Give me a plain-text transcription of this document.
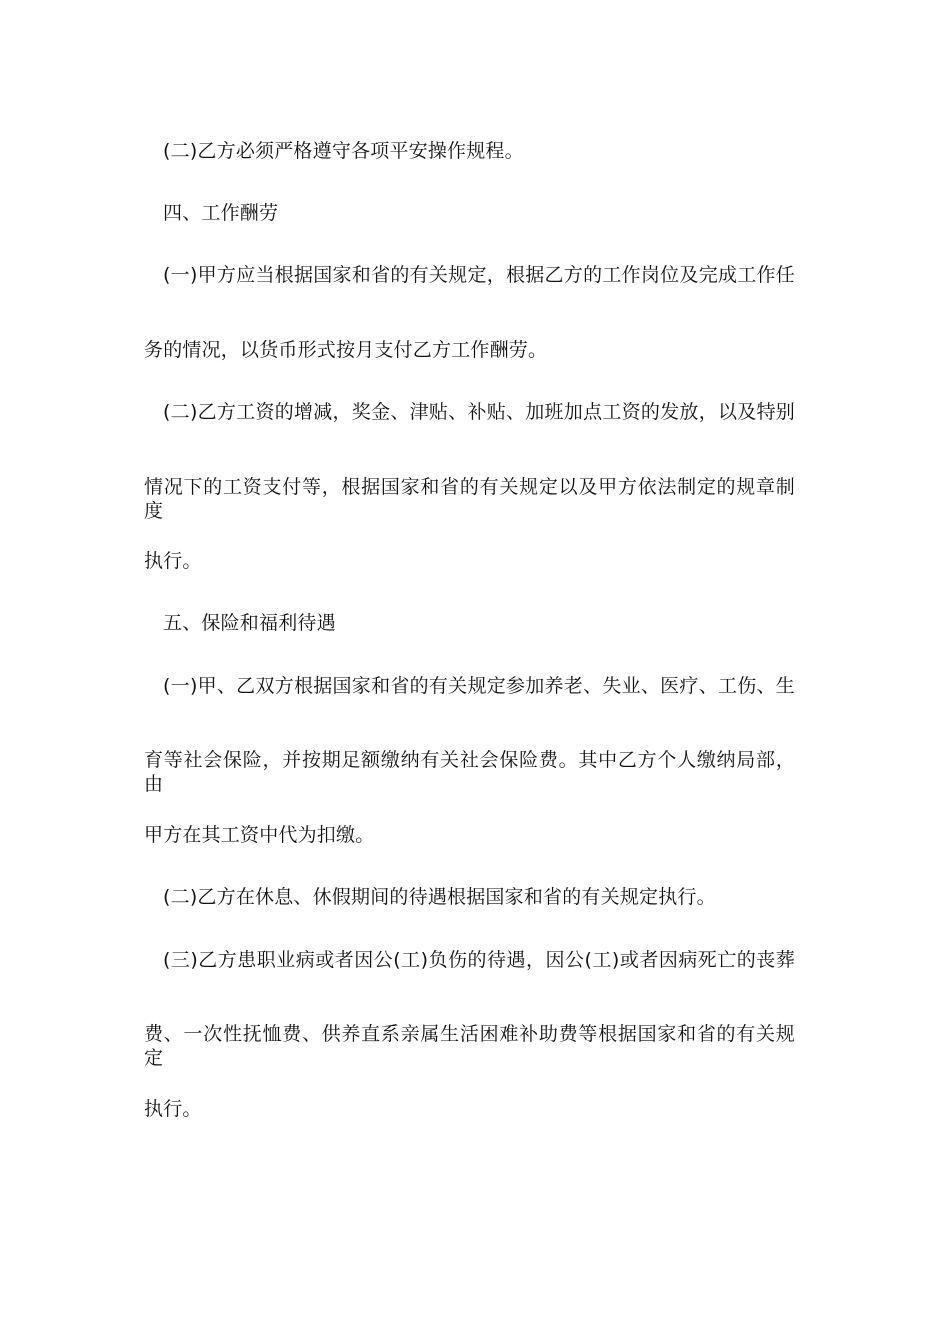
(二)乙方必须严格遵守各项平安操作规程。
四、工作酬劳
(一)甲方应当根据国家和省的有关规定，根据乙方的工作岗位及完成工作任
务的情况，以货币形式按月支付乙方工作酬劳。
(二)乙方工资的增减，奖金、津贴、补贴、加班加点工资的发放，以及特别
情况下的工资支付等，根据国家和省的有关规定以及甲方依法制定的规章制度
执行。
五、保险和福利待遇
(一)甲、乙双方根据国家和省的有关规定参加养老、失业、医疗、工伤、生
育等社会保险，并按期足额缴纳有关社会保险费。其中乙方个人缴纳局部，由
甲方在其工资中代为扣缴。
(二)乙方在休息、休假期间的待遇根据国家和省的有关规定执行。
(三)乙方患职业病或者因公(工)负伤的待遇，因公(工)或者因病死亡的丧葬
费、一次性抚恤费、供养直系亲属生活困难补助费等根据国家和省的有关规定
执行。
